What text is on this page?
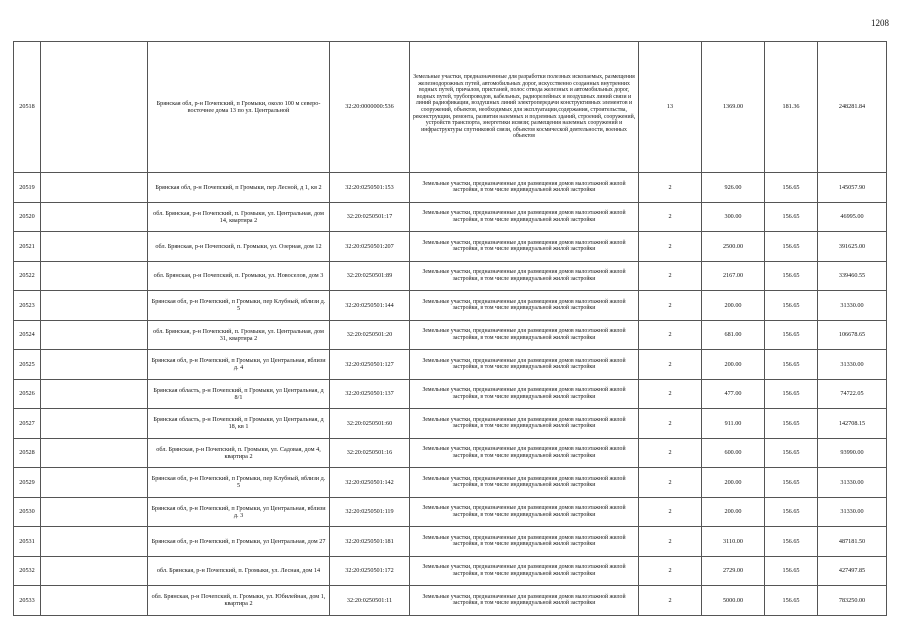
1208
20518		Брянская обл, р-н Почепский, п Громыки, около 100 м северо-восточнее дома 13 по ул. Центральной	32:20:0000000:536	Земельные участки, предназначенные для разработки полезных ископаемых, размещения железнодорожных путей, автомобильных дорог, искусственно созданных внутренних водных путей, причалов, пристаней, полос отвода железных и автомобильных дорог, водных путей, трубопроводов, кабельных, радиорелейных и воздушных линий связи и линий радиофикации, воздушных линий электропередачи конструктивных элементов и сооружений, объектов, необходимых для эксплуатации,содержания, строительства, реконструкции, ремонта, развития наземных и подземных зданий, строений, сооружений, устройств транспорта, энергетики исвязи; размещения наземных сооружений и инфраструктуры спутниковой связи, объектов космической деятельности, военных объектов	13	1369.00	181.36	248281.84
20519		Брянская обл, р-н Почепский, п Громыки, пер Лесной, д 1, кв 2	32:20:0250501:153	Земельные участки, предназначенные для размещения домов малоэтажной жилой застройки, в том числе индивидуальной жилой застройки	2	926.00	156.65	145057.90
20520		обл. Брянская, р-н Почепский, п. Громыки, ул. Центральная, дом 14, квартира 2	32:20:0250501:17	Земельные участки, предназначенные для размещения домов малоэтажной жилой застройки, в том числе индивидуальной жилой застройки	2	300.00	156.65	46995.00
20521		обл. Брянская, р-н Почепский, п. Громыки, ул. Озерная, дом 12	32:20:0250501:207	Земельные участки, предназначенные для размещения домов малоэтажной жилой застройки, в том числе индивидуальной жилой застройки	2	2500.00	156.65	391625.00
20522		обл. Брянская, р-н Почепский, п. Громыки, ул. Новоселов, дом 3	32:20:0250501:89	Земельные участки, предназначенные для размещения домов малоэтажной жилой застройки, в том числе индивидуальной жилой застройки	2	2167.00	156.65	339460.55
20523		Брянская обл, р-н Почепский, п Громыки, пер Клубный, вблизи д. 5	32:20:0250501:144	Земельные участки, предназначенные для размещения домов малоэтажной жилой застройки, в том числе индивидуальной жилой застройки	2	200.00	156.65	31330.00
20524		обл. Брянская, р-н Почепский, п. Громыки, ул. Центральная, дом 31, квартира 2	32:20:0250501:20	Земельные участки, предназначенные для размещения домов малоэтажной жилой застройки, в том числе индивидуальной жилой застройки	2	681.00	156.65	106678.65
20525		Брянская обл, р-н Почепский, п Громыки, ул Центральная, вблизи д. 4	32:20:0250501:127	Земельные участки, предназначенные для размещения домов малоэтажной жилой застройки, в том числе индивидуальной жилой застройки	2	200.00	156.65	31330.00
20526		Брянская область, р-н Почепский, п Громыки, ул Центральная, д 8/1	32:20:0250501:137	Земельные участки, предназначенные для размещения домов малоэтажной жилой застройки, в том числе индивидуальной жилой застройки	2	477.00	156.65	74722.05
20527		Брянская область, р-н Почепский, п Громыки, ул Центральная, д 18, кв 1	32:20:0250501:60	Земельные участки, предназначенные для размещения домов малоэтажной жилой застройки, в том числе индивидуальной жилой застройки	2	911.00	156.65	142708.15
20528		обл. Брянская, р-н Почепский, п. Громыки, ул. Садовая, дом 4, квартира 2	32:20:0250501:16	Земельные участки, предназначенные для размещения домов малоэтажной жилой застройки, в том числе индивидуальной жилой застройки	2	600.00	156.65	93990.00
20529		Брянская обл, р-н Почепский, п Громыки, пер Клубный, вблизи д. 5	32:20:0250501:142	Земельные участки, предназначенные для размещения домов малоэтажной жилой застройки, в том числе индивидуальной жилой застройки	2	200.00	156.65	31330.00
20530		Брянская обл, р-н Почепский, п Громыки, ул Центральная, вблизи д. 3	32:20:0250501:119	Земельные участки, предназначенные для размещения домов малоэтажной жилой застройки, в том числе индивидуальной жилой застройки	2	200.00	156.65	31330.00
20531		Брянская обл, р-н Почепский, п Громыки, ул Центральная, дом 27	32:20:0250501:181	Земельные участки, предназначенные для размещения домов малоэтажной жилой застройки, в том числе индивидуальной жилой застройки	2	3110.00	156.65	487181.50
20532		обл. Брянская, р-н Почепский, п. Громыки, ул. Лесная, дом 14	32:20:0250501:172	Земельные участки, предназначенные для размещения домов малоэтажной жилой застройки, в том числе индивидуальной жилой застройки	2	2729.00	156.65	427497.85
20533		обл. Брянская, р-н Почепский, п. Громыки, ул. Юбилейная, дом 1, квартира 2	32:20:0250501:11	Земельные участки, предназначенные для размещения домов малоэтажной жилой застройки, в том числе индивидуальной жилой застройки	2	5000.00	156.65	783250.00
